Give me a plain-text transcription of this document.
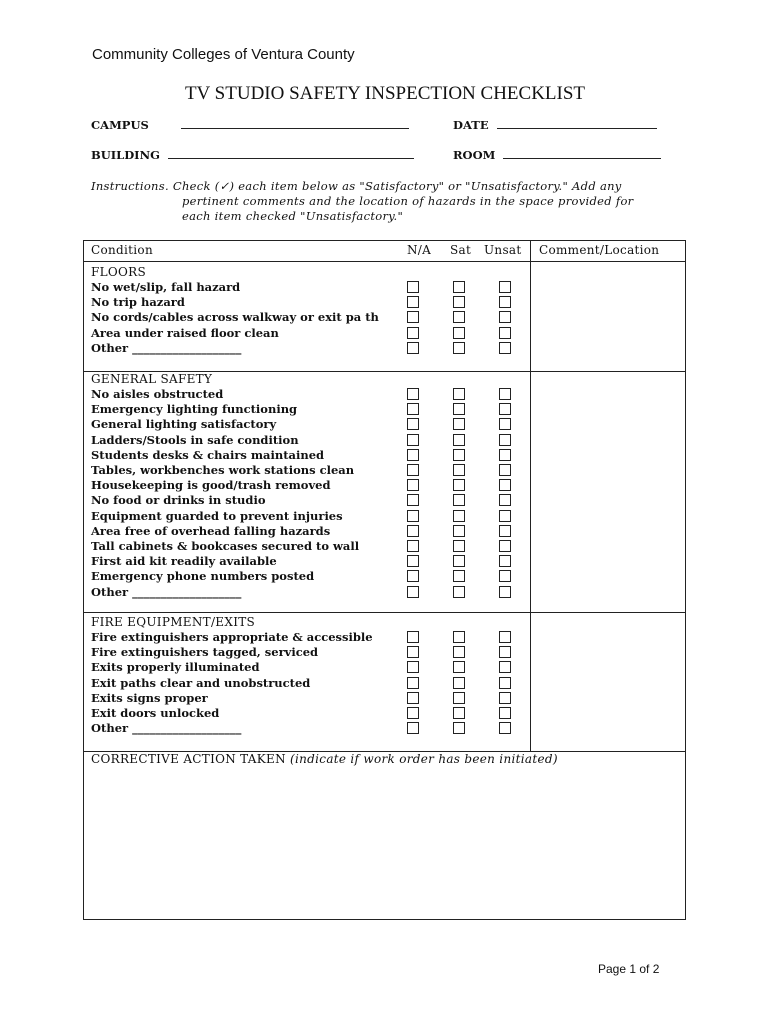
Community Colleges of Ventura County
TV STUDIO SAFETY INSPECTION CHECKLIST
CAMPUS	DATE
BUILDING	ROOM
Instructions. Check (✓) each item below as "Satisfactory" or "Unsatisfactory." Add any
pertinent comments and the location of hazards in the space provided for
each item checked "Unsatisfactory."
Condition	N/A Sat Unsat Comment/Location
FLOORS
No wet/slip, fall hazard
No trip hazard
No cords/cables across walkway or exit pa th
Area under raised floor clean
Other ___________________
GENERAL SAFETY
No aisles obstructed
Emergency lighting functioning
General lighting satisfactory
Ladders/Stools in safe condition
Students desks & chairs maintained
Tables, workbenches work stations clean
Housekeeping is good/trash removed
No food or drinks in studio
Equipment guarded to prevent injuries
Area free of overhead falling hazards
Tall cabinets & bookcases secured to wall
First aid kit readily available
Emergency phone numbers posted
Other ___________________
FIRE EQUIPMENT/EXITS
Fire extinguishers appropriate & accessible
Fire extinguishers tagged, serviced
Exits properly illuminated
Exit paths clear and unobstructed
Exits signs proper
Exit doors unlocked
Other ___________________
CORRECTIVE ACTION TAKEN (indicate if work order has been initiated)
Page 1 of 2
